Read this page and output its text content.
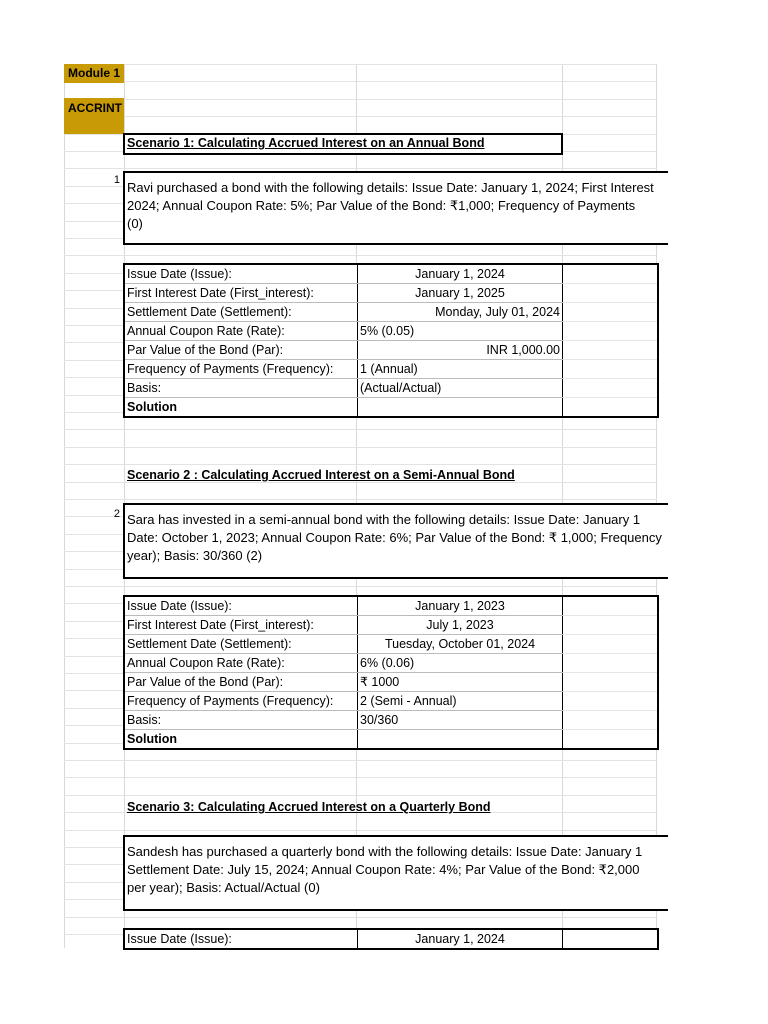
Module 1
ACCRINT
Scenario 1: Calculating Accrued Interest on an Annual Bond
1 Ravi purchased a bond with the following details: Issue Date: January 1, 2024; First Interest
2024; Annual Coupon Rate: 5%; Par Value of the Bond: ₹1,000; Frequency of Payments
(0)
Issue Date (Issue):	January 1, 2024	
First Interest Date (First_interest):	January 1, 2025	
Settlement Date (Settlement):	Monday, July 01, 2024	
Annual Coupon Rate (Rate):	5% (0.05)	
Par Value of the Bond (Par):	INR 1,000.00	
Frequency of Payments (Frequency):	1 (Annual)	
Basis:	(Actual/Actual)	
Solution		
Scenario 2 : Calculating Accrued Interest on a Semi-Annual Bond
2 Sara has invested in a semi-annual bond with the following details: Issue Date: January 1
Date: October 1, 2023; Annual Coupon Rate: 6%; Par Value of the Bond: ₹ 1,000; Frequency
year); Basis: 30/360 (2)
Issue Date (Issue):	January 1, 2023	
First Interest Date (First_interest):	July 1, 2023	
Settlement Date (Settlement):	Tuesday, October 01, 2024	
Annual Coupon Rate (Rate):	6% (0.06)	
Par Value of the Bond (Par):	₹ 1000	
Frequency of Payments (Frequency):	2 (Semi - Annual)	
Basis:	30/360	
Solution		
Scenario 3: Calculating Accrued Interest on a Quarterly Bond
Sandesh has purchased a quarterly bond with the following details: Issue Date: January 1
Settlement Date: July 15, 2024; Annual Coupon Rate: 4%; Par Value of the Bond: ₹2,000
per year); Basis: Actual/Actual (0)
Issue Date (Issue):	January 1, 2024	
